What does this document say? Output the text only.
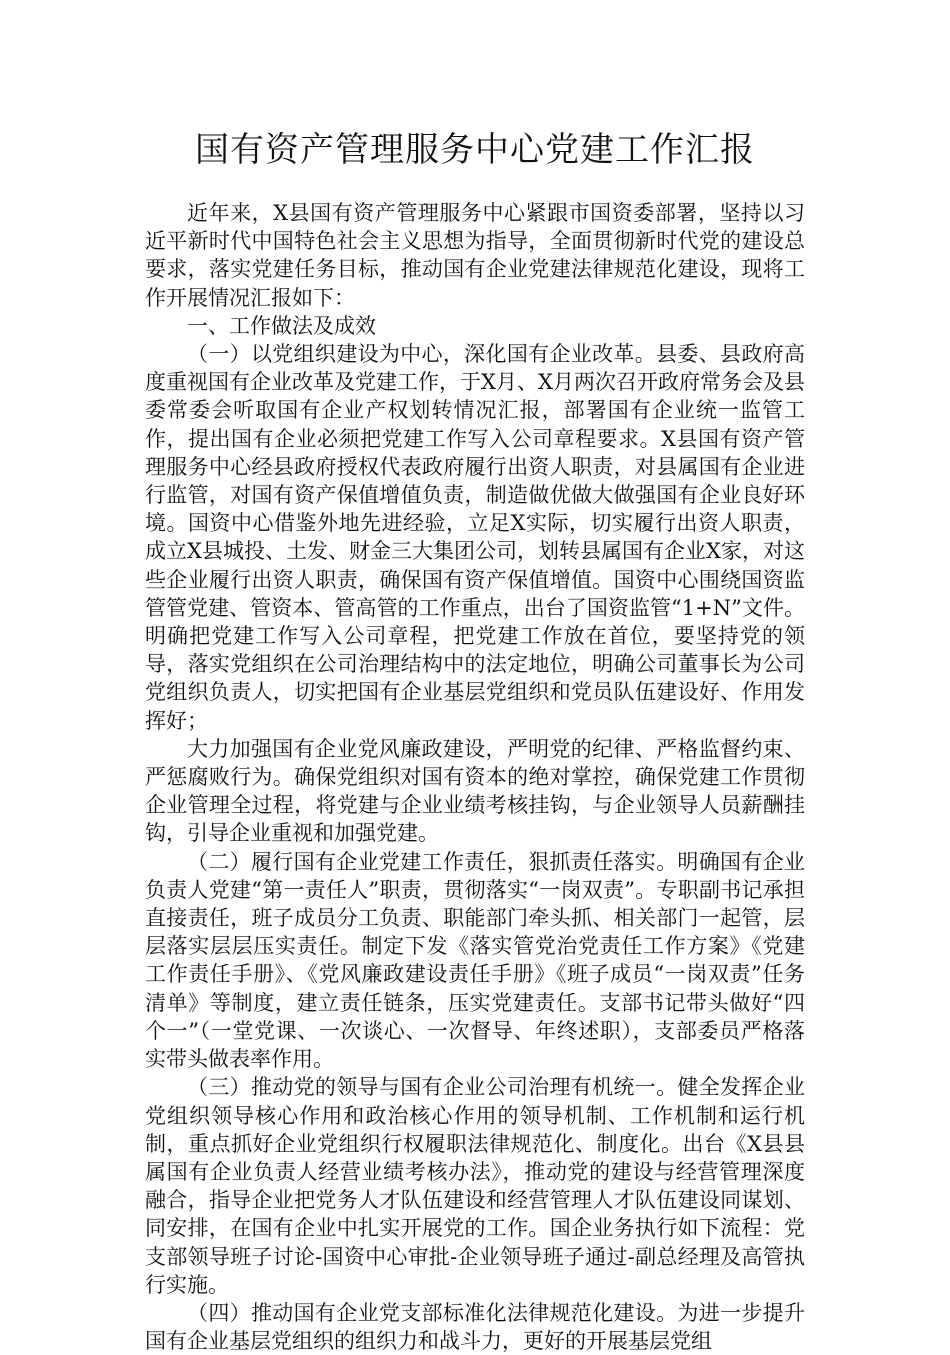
国有资产管理服务中心党建工作汇报

近年来，X县国有资产管理服务中心紧跟市国资委部署，坚持以习近平新时代中国特色社会主义思想为指导，全面贯彻新时代党的建设总要求，落实党建任务目标，推动国有企业党建法律规范化建设，现将工作开展情况汇报如下：

一、工作做法及成效

（一）以党组织建设为中心，深化国有企业改革。县委、县政府高度重视国有企业改革及党建工作，于X月、X月两次召开政府常务会及县委常委会听取国有企业产权划转情况汇报，部署国有企业统一监管工作，提出国有企业必须把党建工作写入公司章程要求。X县国有资产管理服务中心经县政府授权代表政府履行出资人职责，对县属国有企业进行监管，对国有资产保值增值负责，制造做优做大做强国有企业良好环境。国资中心借鉴外地先进经验，立足X实际，切实履行出资人职责，成立X县城投、土发、财金三大集团公司，划转县属国有企业X家，对这些企业履行出资人职责，确保国有资产保值增值。国资中心围绕国资监管管党建、管资本、管高管的工作重点，出台了国资监管“1+N”文件。明确把党建工作写入公司章程，把党建工作放在首位，要坚持党的领导，落实党组织在公司治理结构中的法定地位，明确公司董事长为公司党组织负责人，切实把国有企业基层党组织和党员队伍建设好、作用发挥好；

大力加强国有企业党风廉政建设，严明党的纪律、严格监督约束、严惩腐败行为。确保党组织对国有资本的绝对掌控，确保党建工作贯彻企业管理全过程，将党建与企业业绩考核挂钩，与企业领导人员薪酬挂钩，引导企业重视和加强党建。

（二）履行国有企业党建工作责任，狠抓责任落实。明确国有企业负责人党建“第一责任人”职责，贯彻落实“一岗双责”。专职副书记承担直接责任，班子成员分工负责、职能部门牵头抓、相关部门一起管，层层落实层层压实责任。制定下发《落实管党治党责任工作方案》《党建工作责任手册》、《党风廉政建设责任手册》《班子成员“一岗双责”任务清单》等制度，建立责任链条，压实党建责任。支部书记带头做好“四个一”（一堂党课、一次谈心、一次督导、年终述职），支部委员严格落实带头做表率作用。

（三）推动党的领导与国有企业公司治理有机统一。健全发挥企业党组织领导核心作用和政治核心作用的领导机制、工作机制和运行机制，重点抓好企业党组织行权履职法律规范化、制度化。出台《X县县属国有企业负责人经营业绩考核办法》，推动党的建设与经营管理深度融合，指导企业把党务人才队伍建设和经营管理人才队伍建设同谋划、同安排，在国有企业中扎实开展党的工作。国企业务执行如下流程：党支部领导班子讨论-国资中心审批-企业领导班子通过-副总经理及高管执行实施。

（四）推动国有企业党支部标准化法律规范化建设。为进一步提升国有企业基层党组织的组织力和战斗力，更好的开展基层党组
